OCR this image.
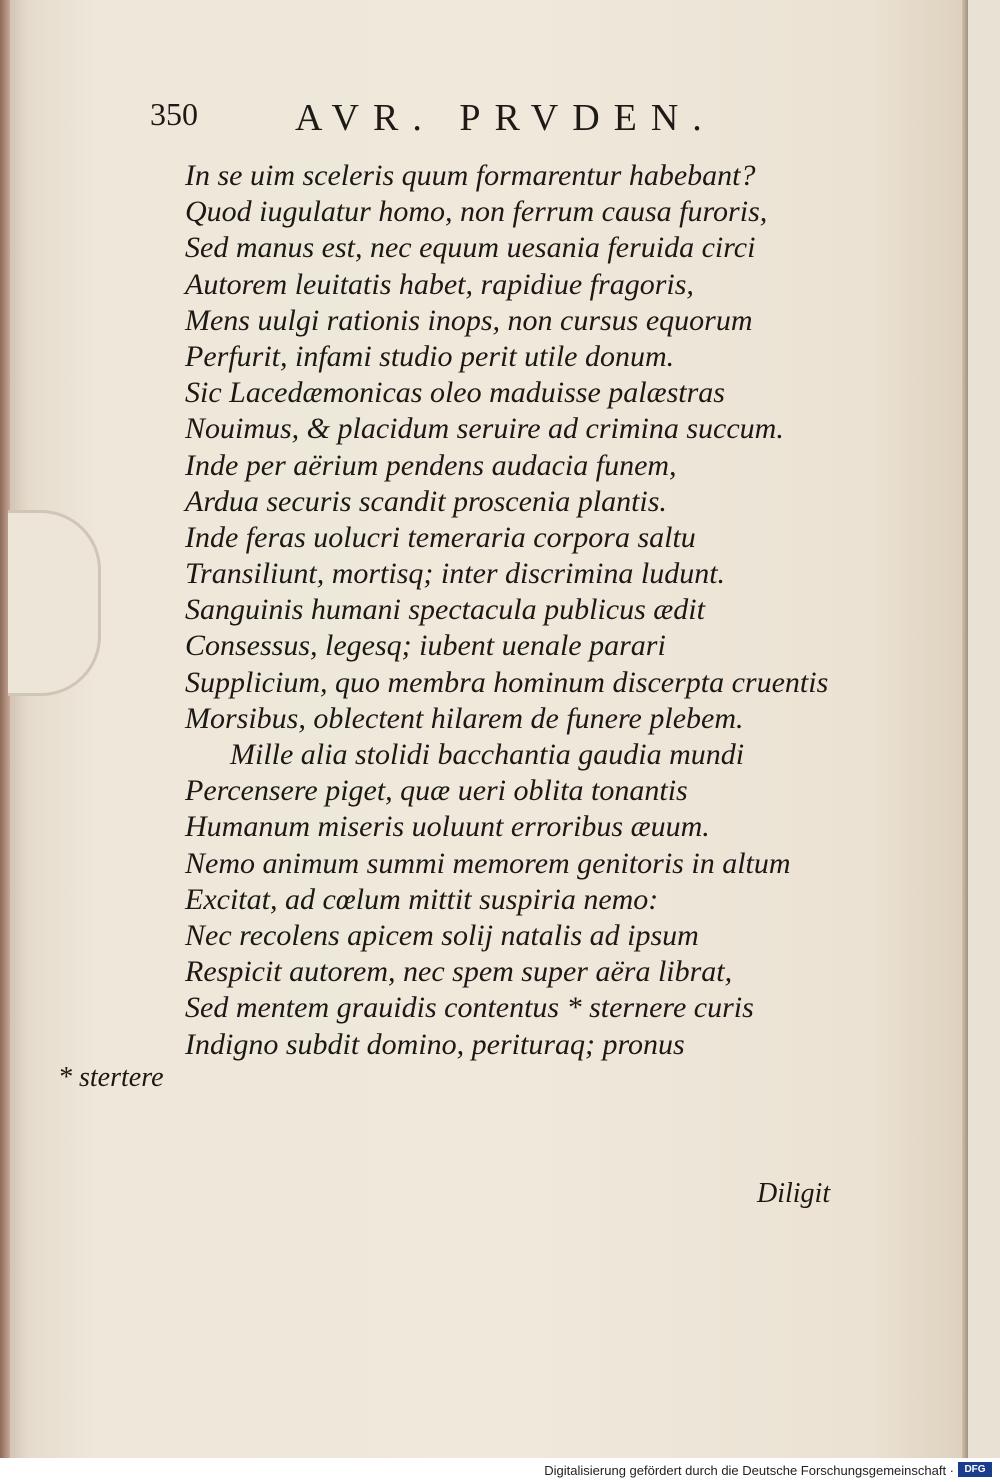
350	AVR. PRVDEN.
In se uim sceleris quum formarentur habebant?
Quod iugulatur homo, non ferrum causa furoris,
Sed manus est, nec equum uesania feruida circi
Autorem leuitatis habet, rapidiue fragoris,
Mens uulgi rationis inops, non cursus equorum
Perfurit, infami studio perit utile donum.
Sic Lacedæmonicas oleo maduisse palæstras
Nouimus, & placidum seruire ad crimina succum.
Inde per aërium pendens audacia funem,
Ardua securis scandit proscenia plantis.
Inde feras uolucri temeraria corpora saltu
Transiliunt, mortisq; inter discrimina ludunt.
Sanguinis humani spectacula publicus ædit
Consessus, legesq; iubent uenale parari
Supplicium, quo membra hominum discerpta cruentis
Morsibus, oblectent hilarem de funere plebem.
Mille alia stolidi bacchantia gaudia mundi
Percensere piget, quæ ueri oblita tonantis
Humanum miseris uoluunt erroribus æuum.
Nemo animum summi memorem genitoris in altum
Excitat, ad cœlum mittit suspiria nemo:
Nec recolens apicem solij natalis ad ipsum
Respicit autorem, nec spem super aëra librat,
Sed mentem grauidis contentus * sternere curis
Indigno subdit domino, perituraq; pronus
* stertere
Diligit
Digitalisierung gefördert durch die Deutsche Forschungsgemeinschaft ·	DFG
